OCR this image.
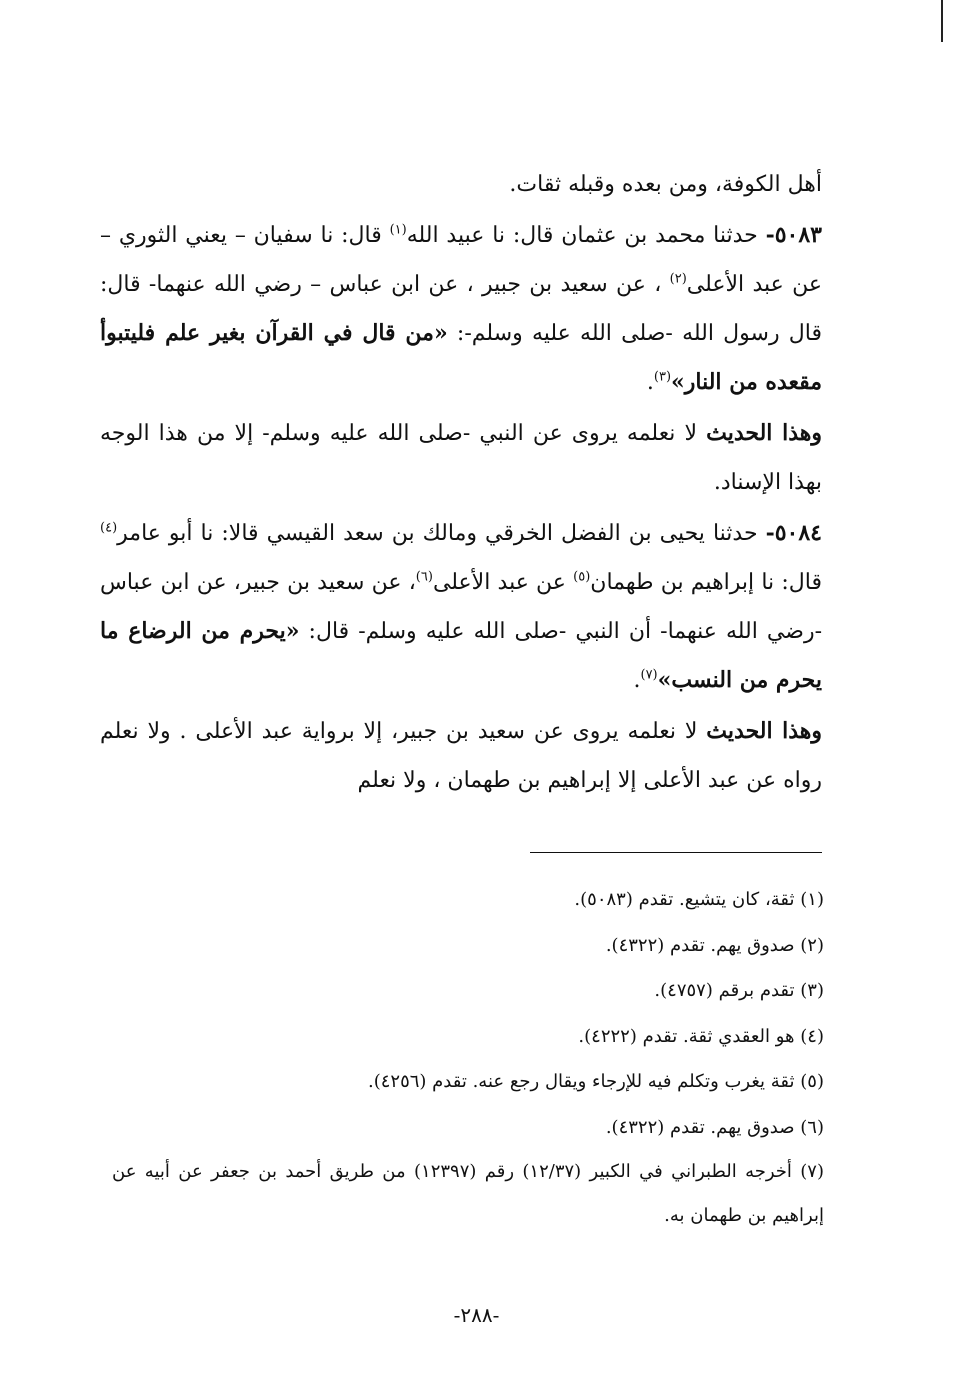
أهل الكوفة، ومن بعده وقبله ثقات.

٥٠٨٣- حدثنا محمد بن عثمان قال: نا عبيد الله$^{(١)}$ قال: نا سفيان – يعني الثوري – عن عبد الأعلى$^{(٢)}$ ، عن سعيد بن جبير ، عن ابن عباس – رضي الله عنهما- قال: قال رسول الله -صلى الله عليه وسلم-: «من قال في القرآن بغير علم فليتبوأ مقعده من النار»$^{(٣)}$.

وهذا الحديث لا نعلمه يروى عن النبي -صلى الله عليه وسلم- إلا من هذا الوجه بهذا الإسناد.

٥٠٨٤- حدثنا يحيى بن الفضل الخرقي ومالك بن سعد القيسي قالا: نا أبو عامر$^{(٤)}$ قال: نا إبراهيم بن طهمان$^{(٥)}$ عن عبد الأعلى$^{(٦)}$، عن سعيد بن جبير، عن ابن عباس -رضي الله عنهما- أن النبي -صلى الله عليه وسلم- قال: «يحرم من الرضاع ما يحرم من النسب»$^{(٧)}$.

وهذا الحديث لا نعلمه يروى عن سعيد بن جبير، إلا برواية عبد الأعلى . ولا نعلم رواه عن عبد الأعلى إلا إبراهيم بن طهمان ، ولا نعلم

(١) ثقة، كان يتشيع. تقدم (٥٠٨٣).

(٢) صدوق يهم. تقدم (٤٣٢٢).

(٣) تقدم برقم (٤٧٥٧).

(٤) هو العقدي ثقة. تقدم (٤٢٢٢).

(٥) ثقة يغرب وتكلم فيه للإرجاء ويقال رجع عنه. تقدم (٤٢٥٦).

(٦) صدوق يهم. تقدم (٤٣٢٢).

(٧) أخرجه الطبراني في الكبير (١٢/٣٧) رقم (١٢٣٩٧) من طريق أحمد بن جعفر عن أبيه عن إبراهيم بن طهمان به.

-٢٨٨-
